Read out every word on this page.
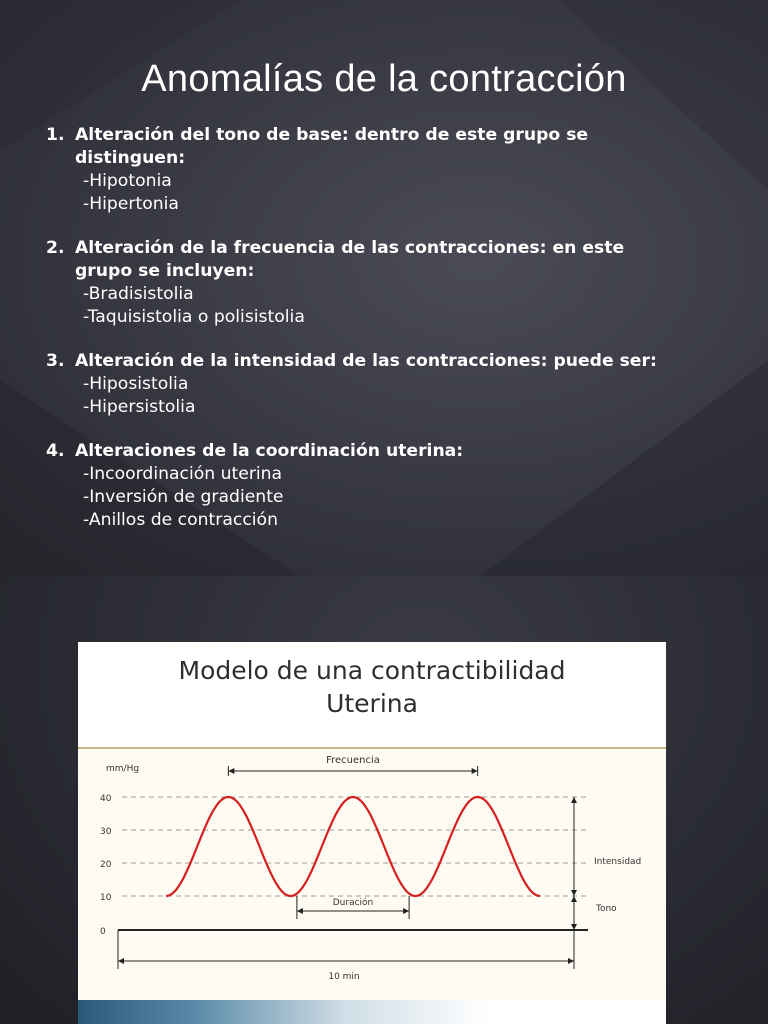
Anomalías de la contracción
1. Alteración del tono de base: dentro de este grupo se
distinguen:
-Hipotonia
-Hipertonia
2. Alteración de la frecuencia de las contracciones: en este
grupo se incluyen:
-Bradisistolia
-Taquisistolia o polisistolia
3. Alteración de la intensidad de las contracciones: puede ser:
-Hiposistolia
-Hipersistolia
4. Alteraciones de la coordinación uterina:
-Incoordinación uterina
-Inversión de gradiente
-Anillos de contracción
Modelo de una contractibilidad
Uterina
mm/Hg
40
30
20
10
0
Frecuencia
Duración
Intensidad
Tono
10 min
